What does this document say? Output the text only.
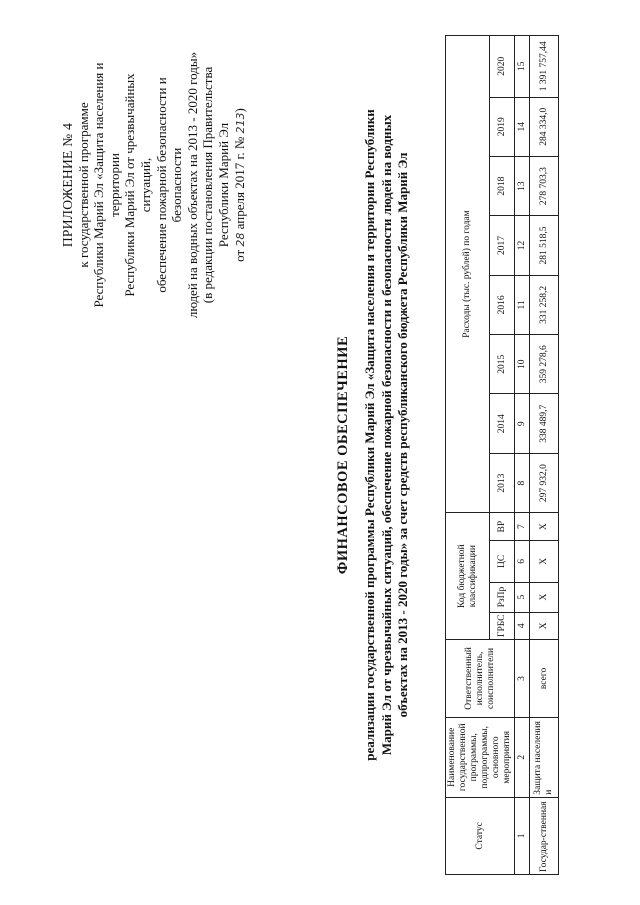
ПРИЛОЖЕНИЕ № 4 к государственной программе Республики Марий Эл «Защита населения и территории Республики Марий Эл от чрезвычайных ситуаций, обеспечение пожарной безопасности и безопасности людей на водных объектах на 2013 - 2020 годы» (в редакции постановления Правительства Республики Марий Эл
от 28 апреля 2017 г. № 213)
ФИНАНСОВОЕ ОБЕСПЕЧЕНИЕ реализации государственной программы Республики Марий Эл «Защита населения и территории Республики Марий Эл от чрезвычайных ситуаций, обеспечение пожарной безопасности и безопасности людей на водных объектах на 2013 - 2020 годы» за счет средств республиканского бюджета Республики Марий Эл
Статус	Наименование государственной программы, подпрограммы, основного мероприятия	Ответственный исполнитель, соисполнители	Код бюджетной классификации				Расходы (тыс. рублей) по годам							
			ГРБС	РзПр	ЦС	ВР	2013	2014	2015	2016	2017	2018	2019	2020
1	2	3	4	5	6	7	8	9	10	11	12	13	14	15
Государ-ственная	Защита населения и	всего	Х	Х	Х	Х	297 932,0	338 489,7	359 278,6	331 258,2	281 518,5	278 703,3	284 334,0	1 391 757,44
